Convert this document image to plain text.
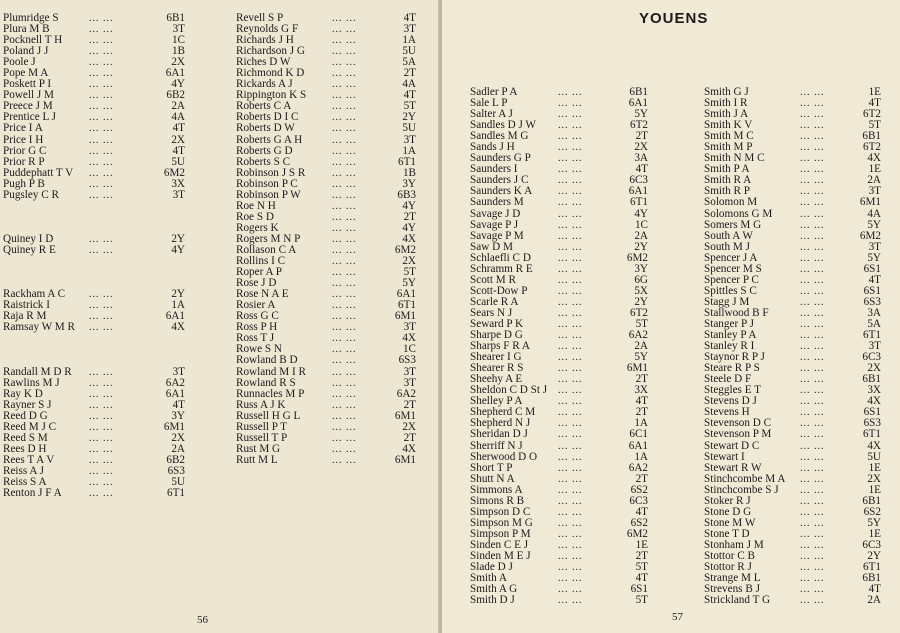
Plumridge S	... ...	6B1
Plura M B	... ...	3T
Pocknell T H	... ...	1C
Poland J J	... ...	1B
Poole J	... ...	2X
Pope M A	... ...	6A1
Poskett P I	... ...	4Y
Powell J M	... ...	6B2
Preece J M	... ...	2A
Prentice L J	... ...	4A
Price I A	... ...	4T
Price I H	... ...	2X
Prior G C	... ...	4T
Prior R P	... ...	5U
Puddephatt T V ... ...	6M2
Pugh P B	... ...	3X
Pugsley C R	... ...	3T
Quiney I D	... ...	2Y
Quiney R E	... ...	4Y
Rackham A C ... ...	2Y
Raistrick I	... ...	1A
Raja R M	... ...	6A1
Ramsay W M R ... ...	4X
Randall M D R ... ...	3T
Rawlins M J	... ...	6A2
Ray K D	... ...	6A1
Rayner S J	... ...	4T
Reed D G	... ...	3Y
Reed M J C	... ...	6M1
Reed S M	... ...	2X
Rees D H	... ...	2A
Rees T A V	... ...	6B2
Reiss A J	... ...	6S3
Reiss S A	... ...	5U
Renton J F A	... ...	6T1
Revell S P	... ...	4T
Reynolds G F	... ...	3T
Richards J H	... ...	1A
Richardson J G	... ...	5U
Riches D W	... ...	5A
Richmond K D	... ...	2T
Rickards A J	... ...	4A
Rippington K S	... ...	4T
Roberts C A	... ...	5T
Roberts D I C	... ...	2Y
Roberts D W	... ...	5U
Roberts G A H	... ...	3T
Roberts G D	... ...	1A
Roberts S C	... ...	6T1
Robinson J S R	... ...	1B
Robinson P C	... ...	3Y
Robinson P W	... ...	6B3
Roe N H	... ...	4Y
Roe S D	... ...	2T
Rogers K	... ...	4Y
Rogers M N P	... ...	4X
Rollason C A	... ...	6M2
Rollins I C	... ...	2X
Roper A P	... ...	5T
Rose J D	... ...	5Y
Rose N A E	... ...	6A1
Rosier A	... ...	6T1
Ross G C	... ...	6M1
Ross P H	... ...	3T
Ross T J	... ...	4X
Rowe S N	... ...	1C
Rowland B D	... ...	6S3
Rowland M I R	... ...	3T
Rowland R S	... ...	3T
Runnacles M P	... ...	6A2
Russ A J K	... ...	2T
Russell H G L	... ...	6M1
Russell P T	... ...	2X
Russell T P	... ...	2T
Rust M G	... ...	4X
Rutt M L	... ...	6M1
56
YOUENS
Sadler P A	... ...	6B1
Sale L P	... ...	6A1
Salter A J	... ...	5Y
Sandles D J W ... ...	6T2
Sandles M G	... ...	2T
Sands J H	... ...	2X
Saunders G P	... ...	3A
Saunders I	... ...	4T
Saunders J C	... ...	6C3
Saunders K A	... ...	6A1
Saunders M	... ...	6T1
Savage J D	... ...	4Y
Savage P J	... ...	1C
Savage P M	... ...	2A
Saw D M	... ...	2Y
Schlaefli C D	... ...	6M2
Schramm R E	... ...	3Y
Scott M R	... ...	6G
Scott-Dow P	... ...	5X
Scarle R A	... ...	2Y
Sears N J	... ...	6T2
Seward P K	... ...	5T
Sharpe D G	... ...	6A2
Sharps F R A	... ...	2A
Shearer I G	... ...	5Y
Shearer R S	... ...	6M1
Sheehy A E	... ...	2T
Sheldon C D St J ... ...	3X
Shelley P A	... ...	4T
Shepherd C M ... ...	2T
Shepherd N J	... ...	1A
Sheridan D J	... ...	6C1
Sherriff N J	... ...	6A1
Sherwood D O ... ...	1A
Short T P	... ...	6A2
Shutt N A	... ...	2T
Simmons A	... ...	6S2
Simons R B	... ...	6C3
Simpson D C	... ...	4T
Simpson M G	... ...	6S2
Simpson P M	... ...	6M2
Sinden C E J	... ...	1E
Sinden M E J	... ...	2T
Slade D J	... ...	5T
Smith A	... ...	4T
Smith A G	... ...	6S1
Smith D J	... ...	5T
Smith G J	... ...	1E
Smith I R	... ...	4T
Smith J A	... ...	6T2
Smith K V	... ...	5T
Smith M C	... ...	6B1
Smith M P	... ...	6T2
Smith N M C	... ...	4X
Smith P A	... ...	1E
Smith R A	... ...	2A
Smith R P	... ...	3T
Solomon M	... ...	6M1
Solomons G M	... ...	4A
Somers M G	... ...	5Y
South A W	... ...	6M2
South M J	... ...	3T
Spencer J A	... ...	5Y
Spencer M S	... ...	6S1
Spencer P C	... ...	4T
Spittles S C	... ...	6S1
Stagg J M	... ...	6S3
Stallwood B F	... ...	3A
Stanger P J	... ...	5A
Stanley P A	... ...	6T1
Stanley R I	... ...	3T
Staynor R P J	... ...	6C3
Steare R P S	... ...	2X
Steele D F	... ...	6B1
Steggles E T	... ...	3X
Stevens D J	... ...	4X
Stevens H	... ...	6S1
Stevenson D C	... ...	6S3
Stevenson P M	... ...	6T1
Stewart D C	... ...	4X
Stewart I	... ...	5U
Stewart R W	... ...	1E
Stinchcombe M A ... ...	2X
Stinchcombe S J ... ...	1E
Stoker R J	... ...	6B1
Stone D G	... ...	6S2
Stone M W	... ...	5Y
Stone T D	... ...	1E
Stonham J M	... ...	6C3
Stottor C B	... ...	2Y
Stottor R J	... ...	6T1
Strange M L	... ...	6B1
Strevens B J	... ...	4T
Strickland T G	... ...	2A
57
